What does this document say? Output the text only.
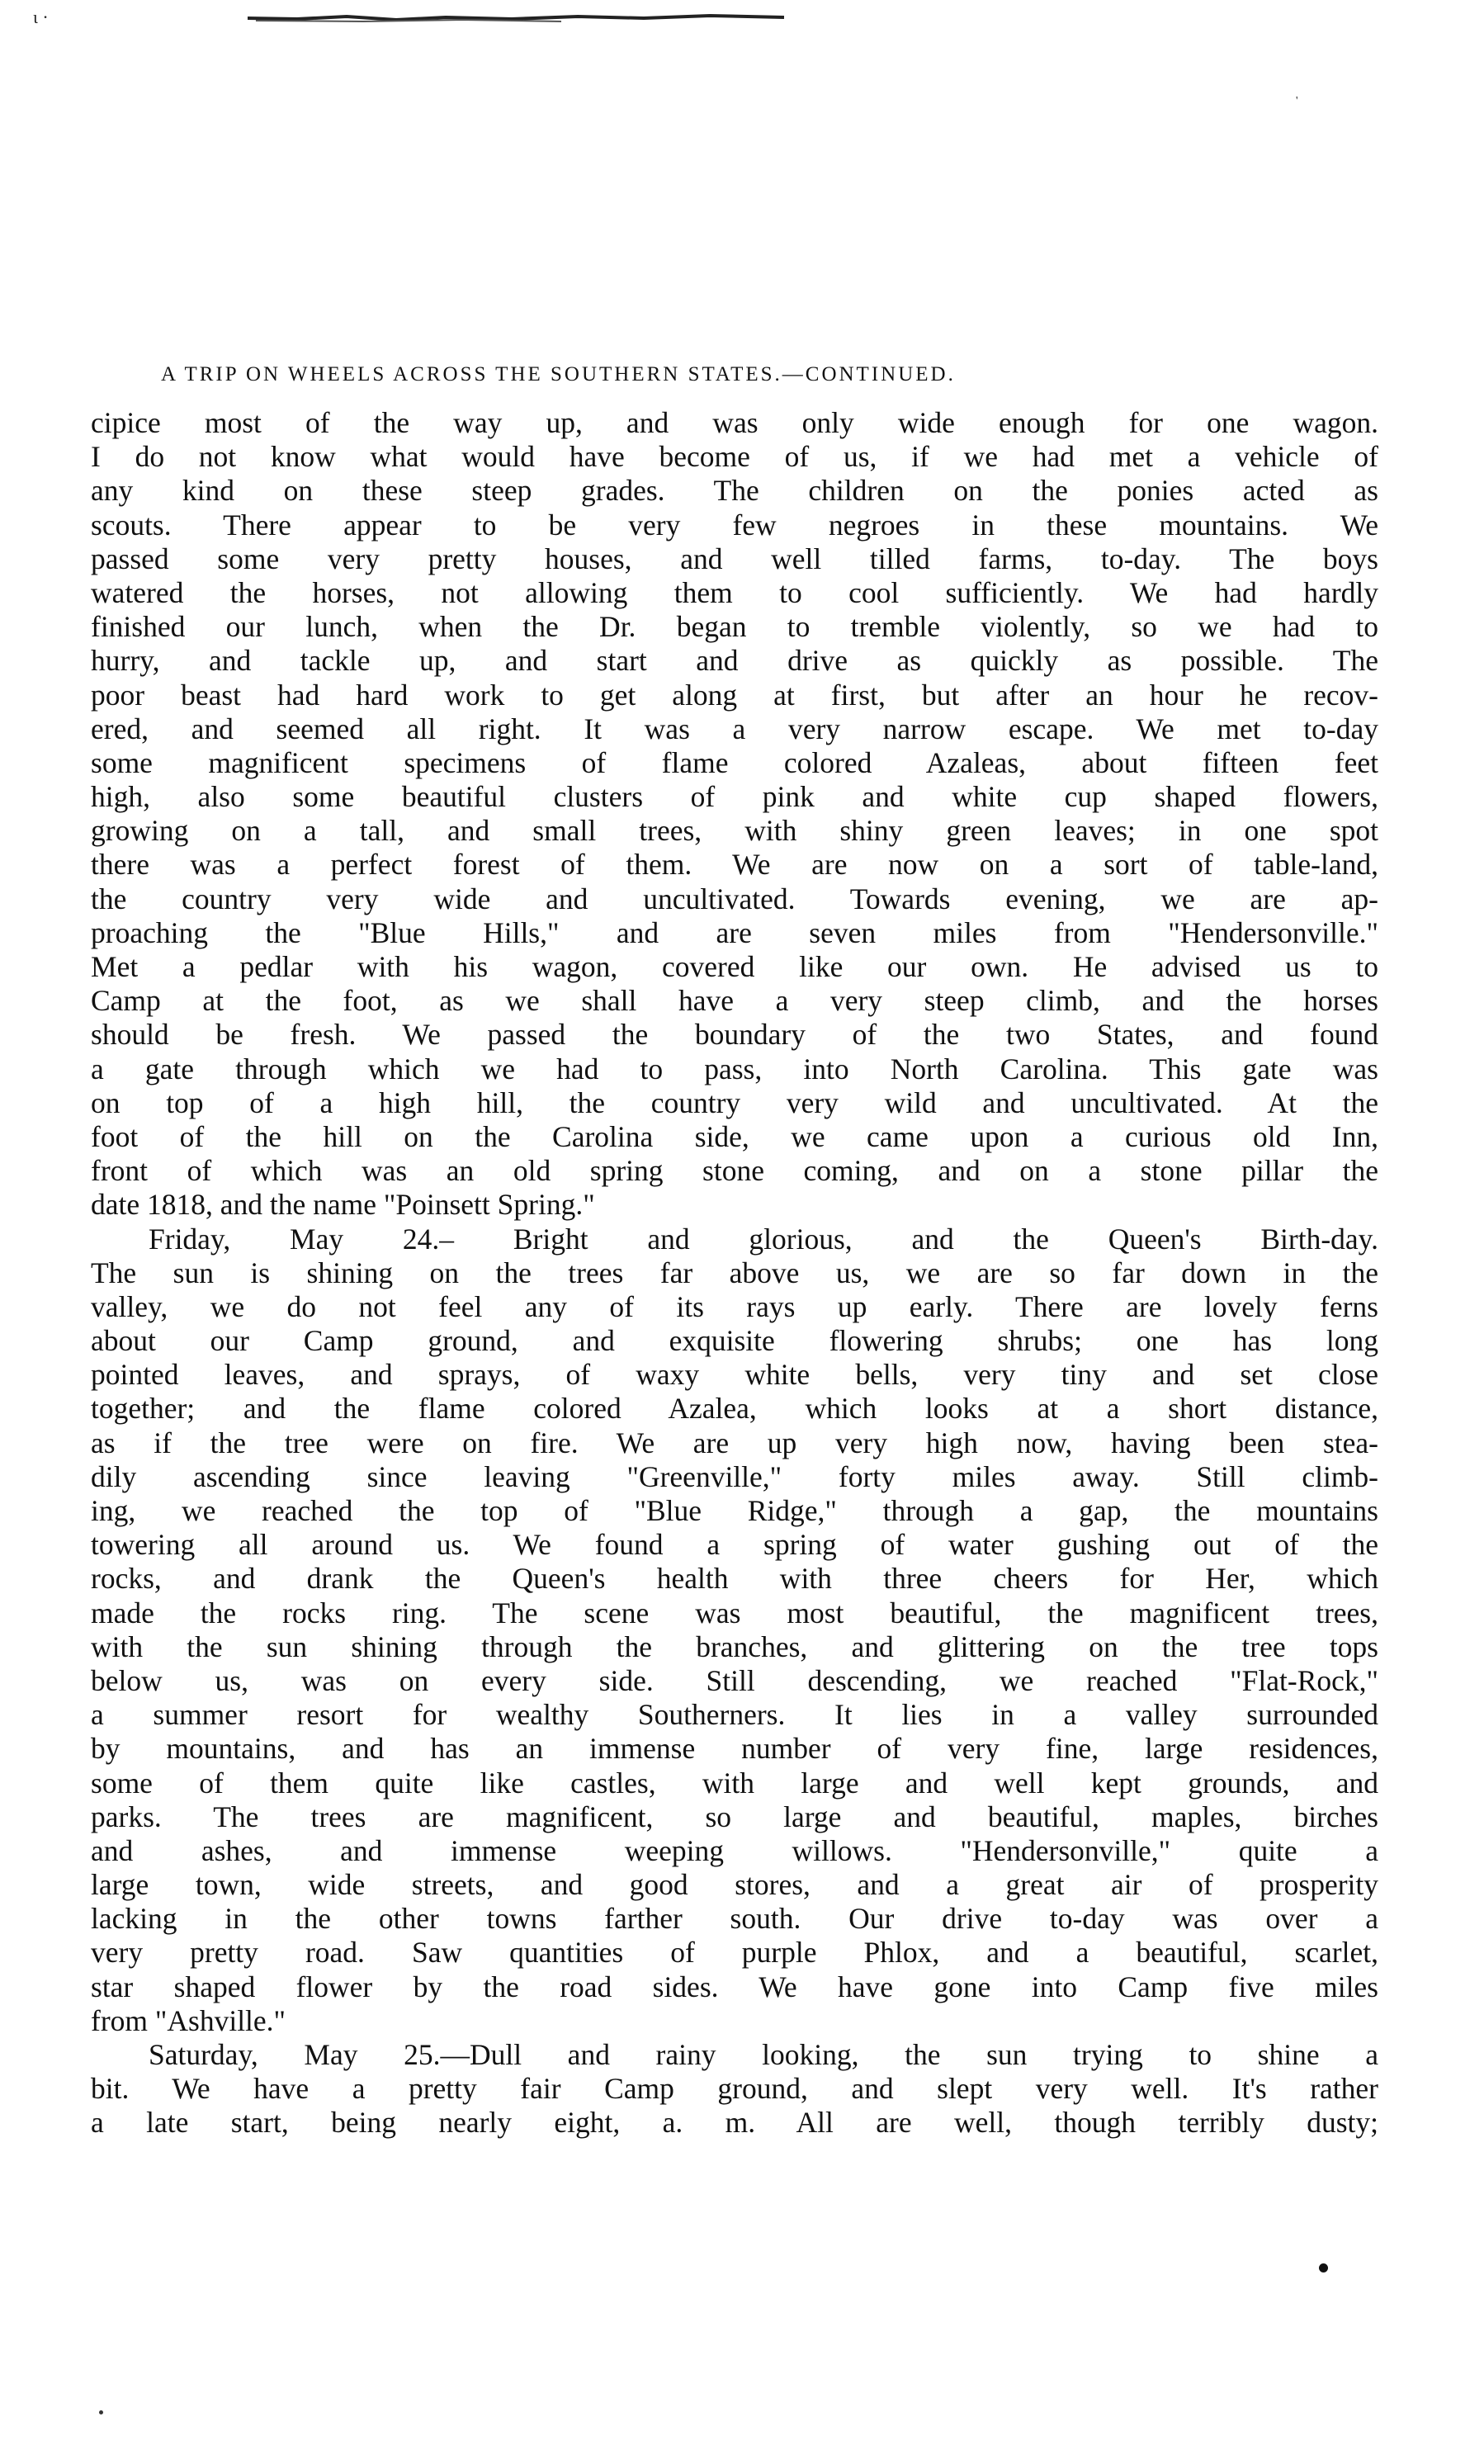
ι ·
'
A TRIP ON WHEELS ACROSS THE SOUTHERN STATES.—CONTINUED.
cipice most of the way up, and was only wide enough for one wagon.
I do not know what would have become of us, if we had met a vehicle of
any kind on these steep grades. The children on the ponies acted as
scouts. There appear to be very few negroes in these mountains. We
passed some very pretty houses, and well tilled farms, to-day. The boys
watered the horses, not allowing them to cool sufficiently. We had hardly
finished our lunch, when the Dr. began to tremble violently, so we had to
hurry, and tackle up, and start and drive as quickly as possible. The
poor beast had hard work to get along at first, but after an hour he recov-
ered, and seemed all right. It was a very narrow escape. We met to-day
some magnificent specimens of flame colored Azaleas, about fifteen feet
high, also some beautiful clusters of pink and white cup shaped flowers,
growing on a tall, and small trees, with shiny green leaves; in one spot
there was a perfect forest of them. We are now on a sort of table-land,
the country very wide and uncultivated. Towards evening, we are ap-
proaching the "Blue Hills," and are seven miles from "Hendersonville."
Met a pedlar with his wagon, covered like our own. He advised us to
Camp at the foot, as we shall have a very steep climb, and the horses
should be fresh. We passed the boundary of the two States, and found
a gate through which we had to pass, into North Carolina. This gate was
on top of a high hill, the country very wild and uncultivated. At the
foot of the hill on the Carolina side, we came upon a curious old Inn,
front of which was an old spring stone coming, and on a stone pillar the
date 1818, and the name "Poinsett Spring."
Friday, May 24.– Bright and glorious, and the Queen's Birth-day.
The sun is shining on the trees far above us, we are so far down in the
valley, we do not feel any of its rays up early. There are lovely ferns
about our Camp ground, and exquisite flowering shrubs; one has long
pointed leaves, and sprays, of waxy white bells, very tiny and set close
together; and the flame colored Azalea, which looks at a short distance,
as if the tree were on fire. We are up very high now, having been stea-
dily ascending since leaving "Greenville," forty miles away. Still climb-
ing, we reached the top of "Blue Ridge," through a gap, the mountains
towering all around us. We found a spring of water gushing out of the
rocks, and drank the Queen's health with three cheers for Her, which
made the rocks ring. The scene was most beautiful, the magnificent trees,
with the sun shining through the branches, and glittering on the tree tops
below us, was on every side. Still descending, we reached "Flat-Rock,"
a summer resort for wealthy Southerners. It lies in a valley surrounded
by mountains, and has an immense number of very fine, large residences,
some of them quite like castles, with large and well kept grounds, and
parks. The trees are magnificent, so large and beautiful, maples, birches
and ashes, and immense weeping willows. "Hendersonville," quite a
large town, wide streets, and good stores, and a great air of prosperity
lacking in the other towns farther south. Our drive to-day was over a
very pretty road. Saw quantities of purple Phlox, and a beautiful, scarlet,
star shaped flower by the road sides. We have gone into Camp five miles
from "Ashville."
Saturday, May 25.—Dull and rainy looking, the sun trying to shine a
bit. We have a pretty fair Camp ground, and slept very well. It's rather
a late start, being nearly eight, a. m. All are well, though terribly dusty;
